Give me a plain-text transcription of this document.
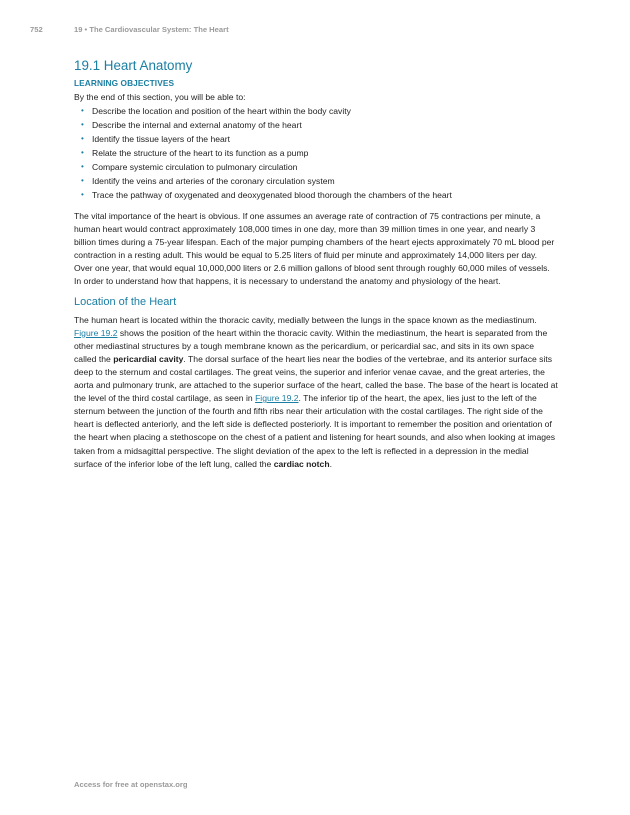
752	19 • The Cardiovascular System: The Heart
19.1 Heart Anatomy
LEARNING OBJECTIVES

By the end of this section, you will be able to:

• Describe the location and position of the heart within the body cavity
• Describe the internal and external anatomy of the heart
• Identify the tissue layers of the heart
• Relate the structure of the heart to its function as a pump
• Compare systemic circulation to pulmonary circulation
• Identify the veins and arteries of the coronary circulation system
• Trace the pathway of oxygenated and deoxygenated blood thorough the chambers of the heart

The vital importance of the heart is obvious. If one assumes an average rate of contraction of 75 contractions per minute, a human heart would contract approximately 108,000 times in one day, more than 39 million times in one year, and nearly 3 billion times during a 75-year lifespan. Each of the major pumping chambers of the heart ejects approximately 70 mL blood per contraction in a resting adult. This would be equal to 5.25 liters of fluid per minute and approximately 14,000 liters per day. Over one year, that would equal 10,000,000 liters or 2.6 million gallons of blood sent through roughly 60,000 miles of vessels. In order to understand how that happens, it is necessary to understand the anatomy and physiology of the heart.

Location of the Heart

The human heart is located within the thoracic cavity, medially between the lungs in the space known as the mediastinum. Figure 19.2 shows the position of the heart within the thoracic cavity. Within the mediastinum, the heart is separated from the other mediastinal structures by a tough membrane known as the pericardium, or pericardial sac, and sits in its own space called the pericardial cavity. The dorsal surface of the heart lies near the bodies of the vertebrae, and its anterior surface sits deep to the sternum and costal cartilages. The great veins, the superior and inferior venae cavae, and the great arteries, the aorta and pulmonary trunk, are attached to the superior surface of the heart, called the base. The base of the heart is located at the level of the third costal cartilage, as seen in Figure 19.2. The inferior tip of the heart, the apex, lies just to the left of the sternum between the junction of the fourth and fifth ribs near their articulation with the costal cartilages. The right side of the heart is deflected anteriorly, and the left side is deflected posteriorly. It is important to remember the position and orientation of the heart when placing a stethoscope on the chest of a patient and listening for heart sounds, and also when looking at images taken from a midsagittal perspective. The slight deviation of the apex to the left is reflected in a depression in the medial surface of the inferior lobe of the left lung, called the cardiac notch.

Access for free at openstax.org
